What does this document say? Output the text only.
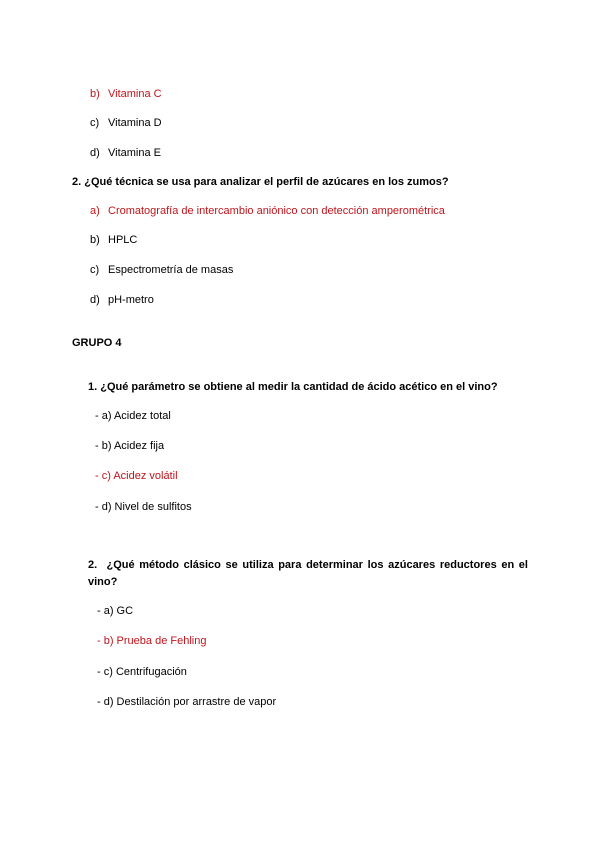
b) Vitamina C
c) Vitamina D
d) Vitamina E
2. ¿Qué técnica se usa para analizar el perfil de azúcares en los zumos?
a) Cromatografía de intercambio aniónico con detección amperométrica
b) HPLC
c) Espectrometría de masas
d) pH-metro
GRUPO 4
1. ¿Qué parámetro se obtiene al medir la cantidad de ácido acético en el vino?
- a) Acidez total
- b) Acidez fija
- c) Acidez volátil
- d) Nivel de sulfitos
2. ¿Qué método clásico se utiliza para determinar los azúcares reductores en el vino?
- a) GC
- b) Prueba de Fehling
- c) Centrifugación
- d) Destilación por arrastre de vapor
